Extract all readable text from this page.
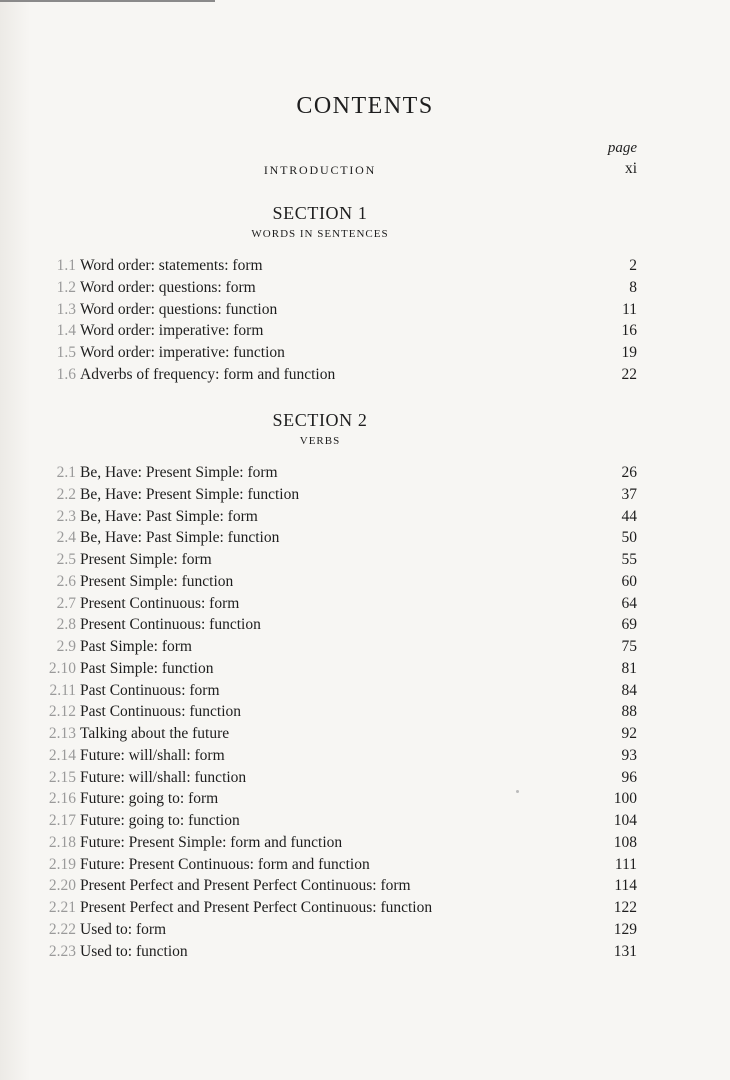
CONTENTS
page
INTRODUCTION	xi
SECTION 1
WORDS IN SENTENCES
1.1 Word order: statements: form	2
1.2 Word order: questions: form	8
1.3 Word order: questions: function	11
1.4 Word order: imperative: form	16
1.5 Word order: imperative: function	19
1.6 Adverbs of frequency: form and function	22
SECTION 2
VERBS
2.1 Be, Have: Present Simple: form	26
2.2 Be, Have: Present Simple: function	37
2.3 Be, Have: Past Simple: form	44
2.4 Be, Have: Past Simple: function	50
2.5 Present Simple: form	55
2.6 Present Simple: function	60
2.7 Present Continuous: form	64
2.8 Present Continuous: function	69
2.9 Past Simple: form	75
2.10 Past Simple: function	81
2.11 Past Continuous: form	84
2.12 Past Continuous: function	88
2.13 Talking about the future	92
2.14 Future: will/shall: form	93
2.15 Future: will/shall: function	96
2.16 Future: going to: form	100
2.17 Future: going to: function	104
2.18 Future: Present Simple: form and function	108
2.19 Future: Present Continuous: form and function	111
2.20 Present Perfect and Present Perfect Continuous: form	114
2.21 Present Perfect and Present Perfect Continuous: function	122
2.22 Used to: form	129
2.23 Used to: function	131
